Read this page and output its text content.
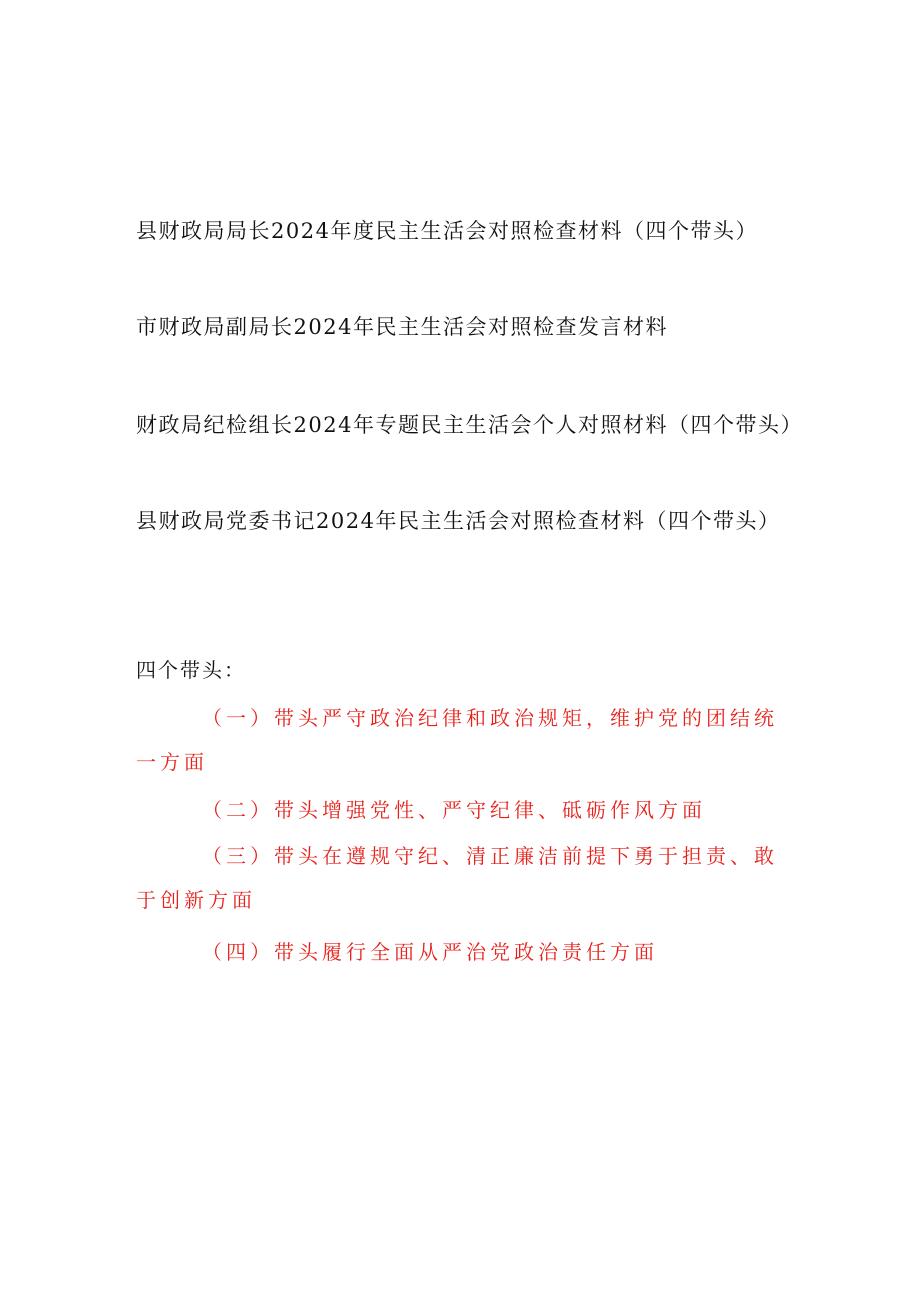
县财政局局长2024年度民主生活会对照检查材料（四个带头）
市财政局副局长2024年民主生活会对照检查发言材料
财政局纪检组长2024年专题民主生活会个人对照材料（四个带头）
县财政局党委书记2024年民主生活会对照检查材料（四个带头）
四个带头：

（一）带头严守政治纪律和政治规矩，维护党的团结统一方面

（二）带头增强党性、严守纪律、砥砺作风方面

（三）带头在遵规守纪、清正廉洁前提下勇于担责、敢于创新方面

（四）带头履行全面从严治党政治责任方面
